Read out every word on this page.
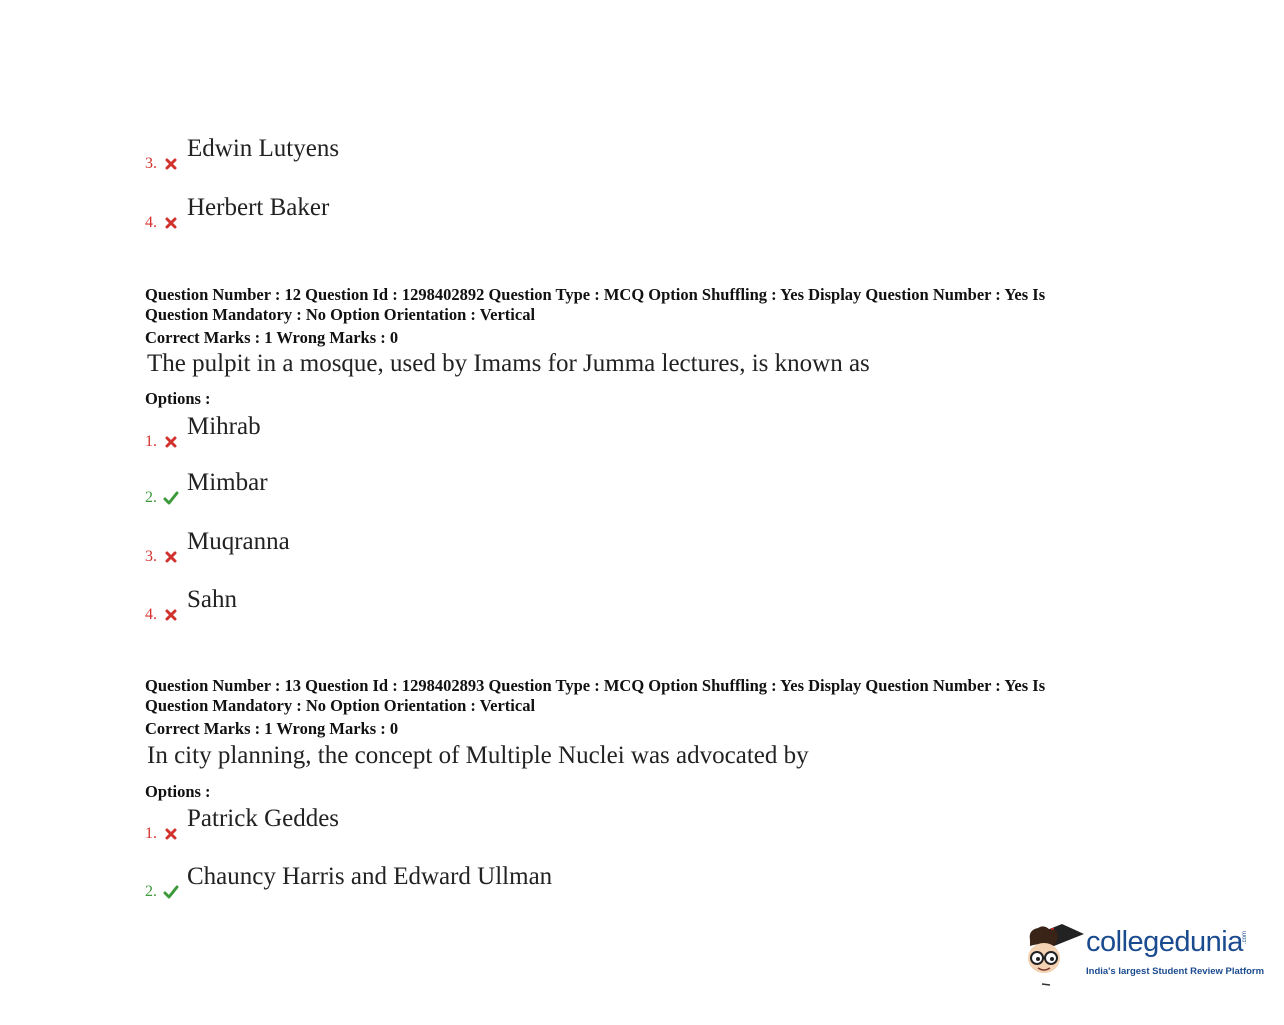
3.
Edwin Lutyens
4.
Herbert Baker
Question Number : 12 Question Id : 1298402892 Question Type : MCQ Option Shuffling : Yes Display Question Number : Yes Is
Question Mandatory : No Option Orientation : Vertical
Correct Marks : 1 Wrong Marks : 0
The pulpit in a mosque, used by Imams for Jumma lectures, is known as
Options :
1.
Mihrab
2.
Mimbar
3.
Muqranna
4.
Sahn
Question Number : 13 Question Id : 1298402893 Question Type : MCQ Option Shuffling : Yes Display Question Number : Yes Is
Question Mandatory : No Option Orientation : Vertical
Correct Marks : 1 Wrong Marks : 0
In city planning, the concept of Multiple Nuclei was advocated by
Options :
1.
Patrick Geddes
2.
Chauncy Harris and Edward Ullman
collegedunia .com
India's largest Student Review Platform
